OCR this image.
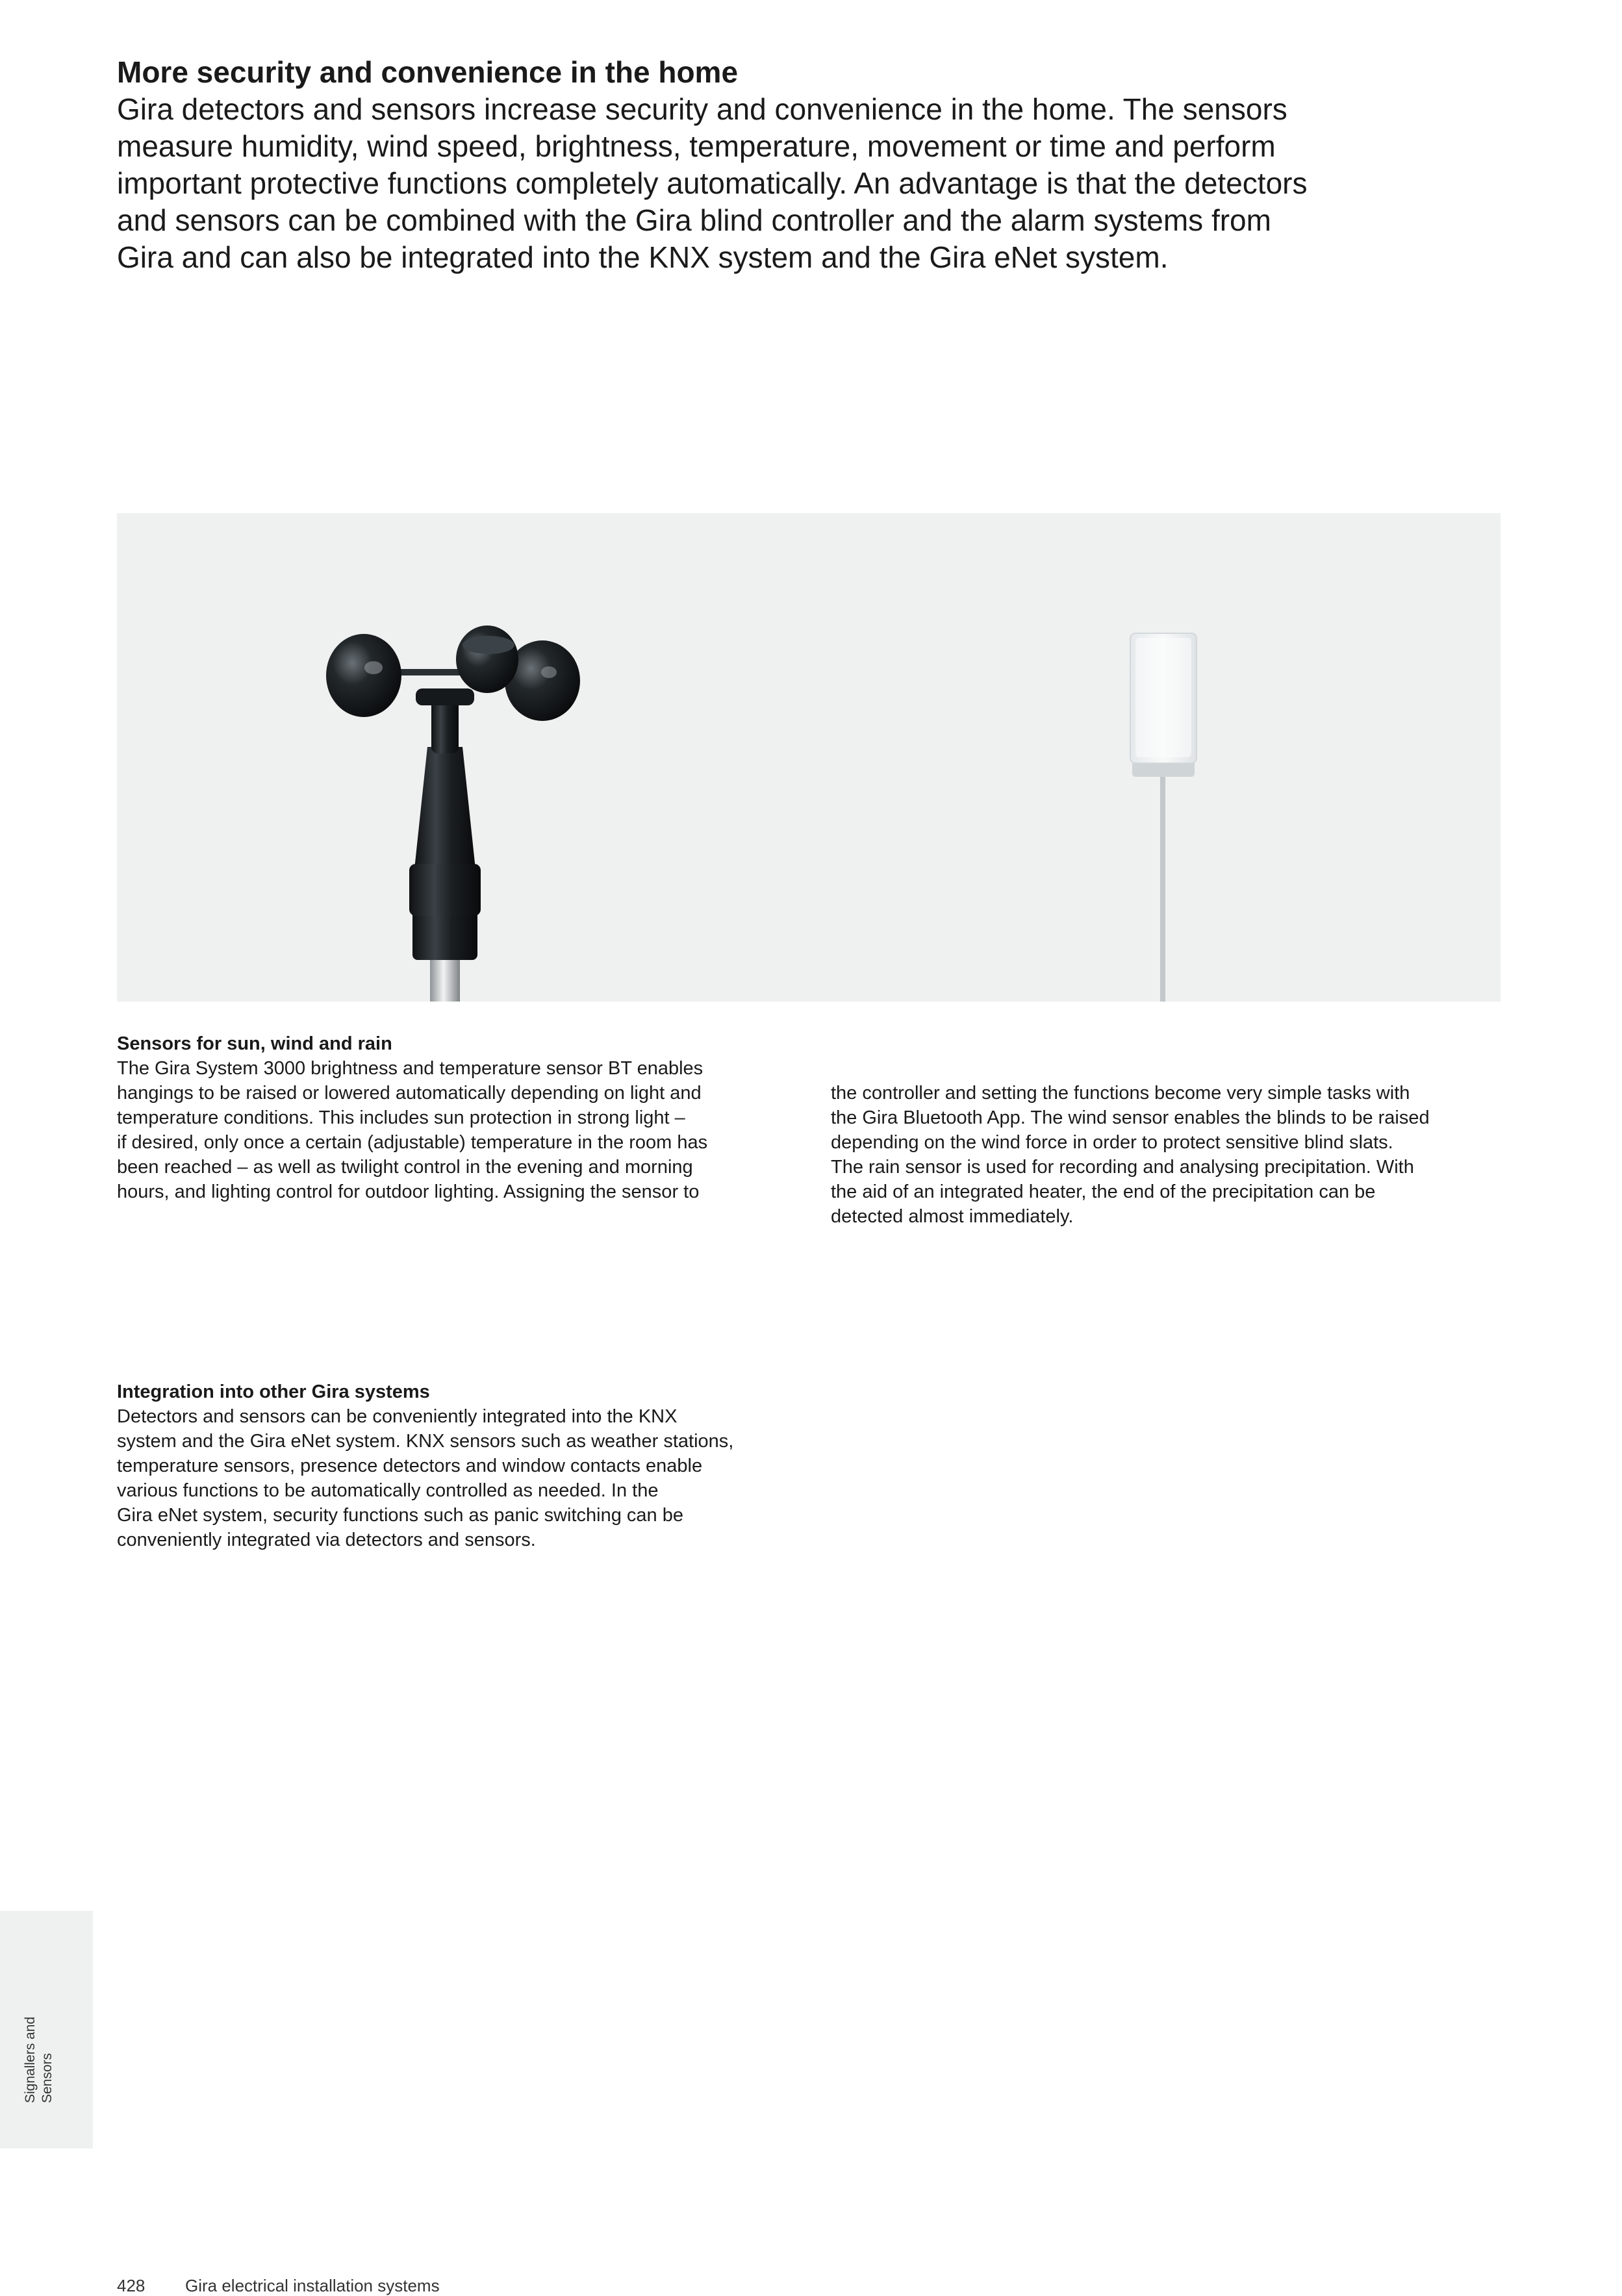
More security and convenience in the home

Gira detectors and sensors increase security and convenience in the home. The sensors
measure humidity, wind speed, brightness, temperature, movement or time and perform
important protective functions completely automatically. An advantage is that the detectors
and sensors can be combined with the Gira blind controller and the alarm systems from
Gira and can also be integrated into the KNX system and the Gira eNet system.

Sensors for sun, wind and rain

The Gira System 3000 brightness and temperature sensor BT enables
hangings to be raised or lowered automatically depending on light and
temperature conditions. This includes sun protection in strong light –
if desired, only once a certain (adjustable) temperature in the room has
been reached – as well as twilight control in the evening and morning
hours, and lighting control for outdoor lighting. Assigning the sensor to

the controller and setting the functions become very simple tasks with
the Gira Bluetooth App. The wind sensor enables the blinds to be raised
depending on the wind force in order to protect sensitive blind slats.
The rain sensor is used for recording and analysing precipitation. With
the aid of an integrated heater, the end of the precipitation can be
detected almost immediately.

Integration into other Gira systems

Detectors and sensors can be conveniently integrated into the KNX
system and the Gira eNet system. KNX sensors such as weather stations,
temperature sensors, presence detectors and window contacts enable
various functions to be automatically controlled as needed. In the
Gira eNet system, security functions such as panic switching can be
conveniently integrated via detectors and sensors.

Signallers and Sensors
428 Gira electrical installation systems
